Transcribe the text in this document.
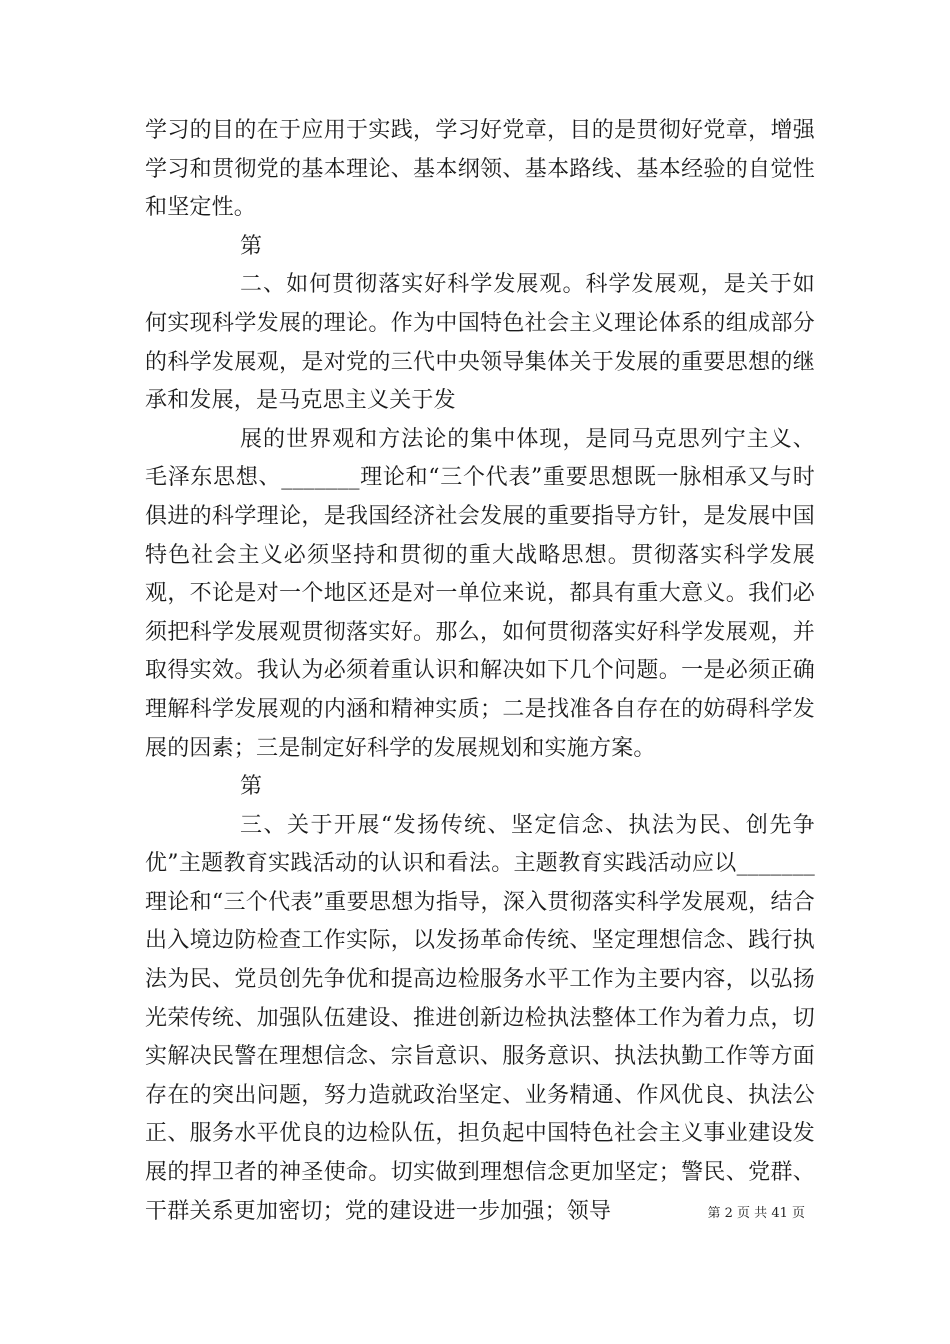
学习的目的在于应用于实践，学习好党章，目的是贯彻好党章，增强学习和贯彻党的基本理论、基本纲领、基本路线、基本经验的自觉性和坚定性。

第

二、如何贯彻落实好科学发展观。科学发展观，是关于如何实现科学发展的理论。作为中国特色社会主义理论体系的组成部分的科学发展观，是对党的三代中央领导集体关于发展的重要思想的继承和发展，是马克思主义关于发

展的世界观和方法论的集中体现，是同马克思列宁主义、毛泽东思想、_______理论和“三个代表”重要思想既一脉相承又与时俱进的科学理论，是我国经济社会发展的重要指导方针，是发展中国特色社会主义必须坚持和贯彻的重大战略思想。贯彻落实科学发展观，不论是对一个地区还是对一单位来说，都具有重大意义。我们必须把科学发展观贯彻落实好。那么，如何贯彻落实好科学发展观，并取得实效。我认为必须着重认识和解决如下几个问题。一是必须正确理解科学发展观的内涵和精神实质；二是找准各自存在的妨碍科学发展的因素；三是制定好科学的发展规划和实施方案。

第

三、关于开展“发扬传统、坚定信念、执法为民、创先争优”主题教育实践活动的认识和看法。主题教育实践活动应以_______理论和“三个代表”重要思想为指导，深入贯彻落实科学发展观，结合出入境边防检查工作实际，以发扬革命传统、坚定理想信念、践行执法为民、党员创先争优和提高边检服务水平工作为主要内容，以弘扬光荣传统、加强队伍建设、推进创新边检执法整体工作为着力点，切实解决民警在理想信念、宗旨意识、服务意识、执法执勤工作等方面存在的突出问题，努力造就政治坚定、业务精通、作风优良、执法公正、服务水平优良的边检队伍，担负起中国特色社会主义事业建设发展的捍卫者的神圣使命。切实做到理想信念更加坚定；警民、党群、干群关系更加密切；党的建设进一步加强；领导	第 2 页 共 41 页
